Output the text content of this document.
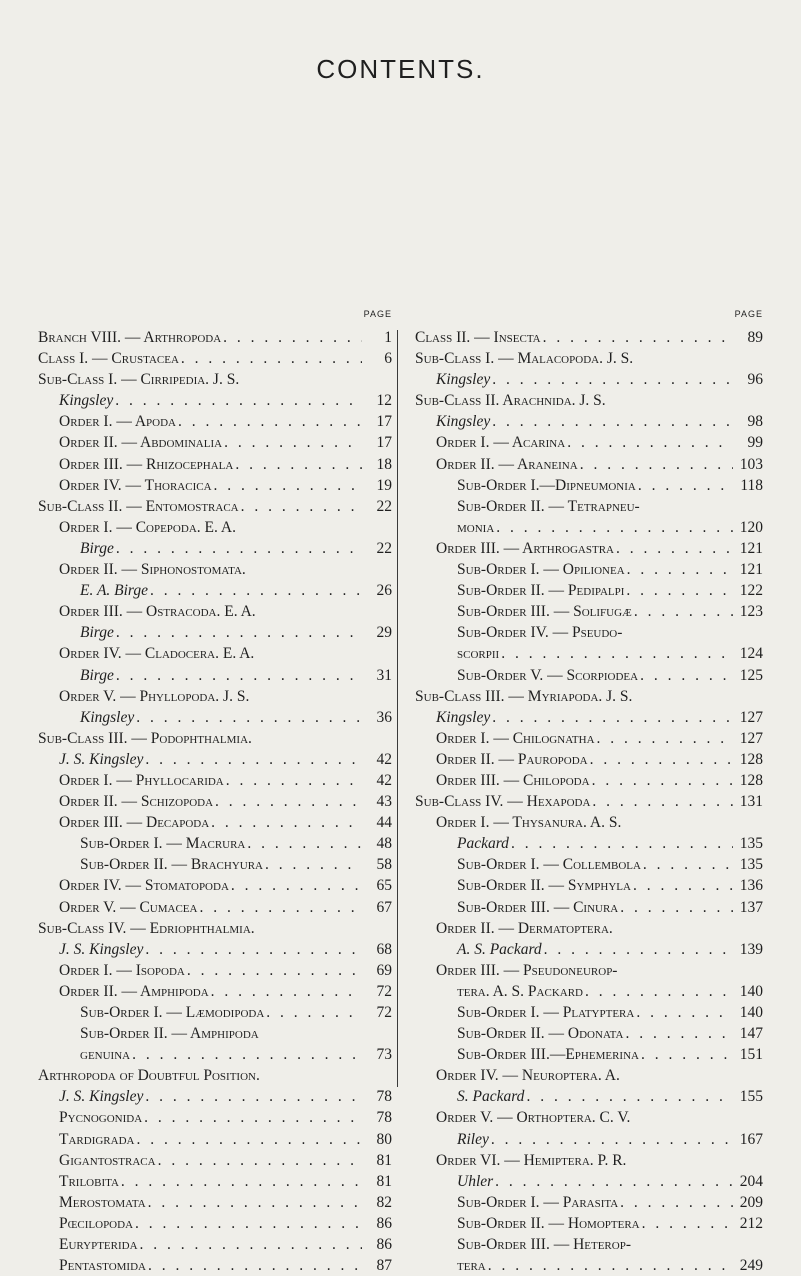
CONTENTS.
PAGE
Branch VIII. — Arthropoda . . .	1
Class I. — Crustacea . . .	6
Sub-Class I. — Cirripedia. J. S.
Kingsley . . .	12
Order I. — Apoda . . .	17
Order II. — Abdominalia . . .	17
Order III. — Rhizocephala . . .	18
Order IV. — Thoracica . . .	19
Sub-Class II. — Entomostraca . . .	22
Order I. — Copepoda. E. A.
Birge . . .	22
Order II. — Siphonostomata.
E. A. Birge . . .	26
Order III. — Ostracoda. E. A.
Birge . . .	29
Order IV. — Cladocera. E. A.
Birge . . .	31
Order V. — Phyllopoda. J. S.
Kingsley . . .	36
Sub-Class III. — Podophthalmia.
J. S. Kingsley . . .	42
Order I. — Phyllocarida . . .	42
Order II. — Schizopoda . . .	43
Order III. — Decapoda . . .	44
Sub-Order I. — Macrura . . .	48
Sub-Order II. — Brachyura . . .	58
Order IV. — Stomatopoda . . .	65
Order V. — Cumacea . . .	67
Sub-Class IV. — Edriophthalmia.
J. S. Kingsley . . .	68
Order I. — Isopoda . . .	69
Order II. — Amphipoda . . .	72
Sub-Order I. — Læmodipoda . . .	72
Sub-Order II. — Amphipoda
genuina . . .	73
Arthropoda of Doubtful Position.
J. S. Kingsley . . .	78
Pycnogonida . . .	78
Tardigrada . . .	80
Gigantostraca . . .	81
Trilobita . . .	81
Merostomata . . .	82
Pœcilopoda . . .	86
Eurypterida . . .	86
Pentastomida . . .	87
PAGE
Class II. — Insecta . . .	89
Sub-Class I. — Malacopoda. J. S.
Kingsley . . .	96
Sub-Class II. Arachnida. J. S.
Kingsley . . .	98
Order I. — Acarina . . .	99
Order II. — Araneina . . .	103
Sub-Order I.—Dipneumonia . . .	118
Sub-Order II. — Tetrapneu-
monia . . .	120
Order III. — Arthrogastra . . .	121
Sub-Order I. — Opilionea . . .	121
Sub-Order II. — Pedipalpi . . .	122
Sub-Order III. — Solifugæ . . .	123
Sub-Order IV. — Pseudo-
scorpii . . .	124
Sub-Order V. — Scorpiodea . . .	125
Sub-Class III. — Myriapoda. J. S.
Kingsley . . .	127
Order I. — Chilognatha . . .	127
Order II. — Pauropoda . . .	128
Order III. — Chilopoda . . .	128
Sub-Class IV. — Hexapoda . . .	131
Order I. — Thysanura. A. S.
Packard . . .	135
Sub-Order I. — Collembola . . .	135
Sub-Order II. — Symphyla . . .	136
Sub-Order III. — Cinura . . .	137
Order II. — Dermatoptera.
A. S. Packard . . .	139
Order III. — Pseudoneurop-
tera. A. S. Packard . . .	140
Sub-Order I. — Platyptera . . .	140
Sub-Order II. — Odonata . . .	147
Sub-Order III.—Ephemerina . . .	151
Order IV. — Neuroptera. A.
S. Packard . . .	155
Order V. — Orthoptera. C. V.
Riley . . .	167
Order VI. — Hemiptera. P. R.
Uhler . . .	204
Sub-Order I. — Parasita . . .	209
Sub-Order II. — Homoptera . . .	212
Sub-Order III. — Heterop-
tera . . .	249
